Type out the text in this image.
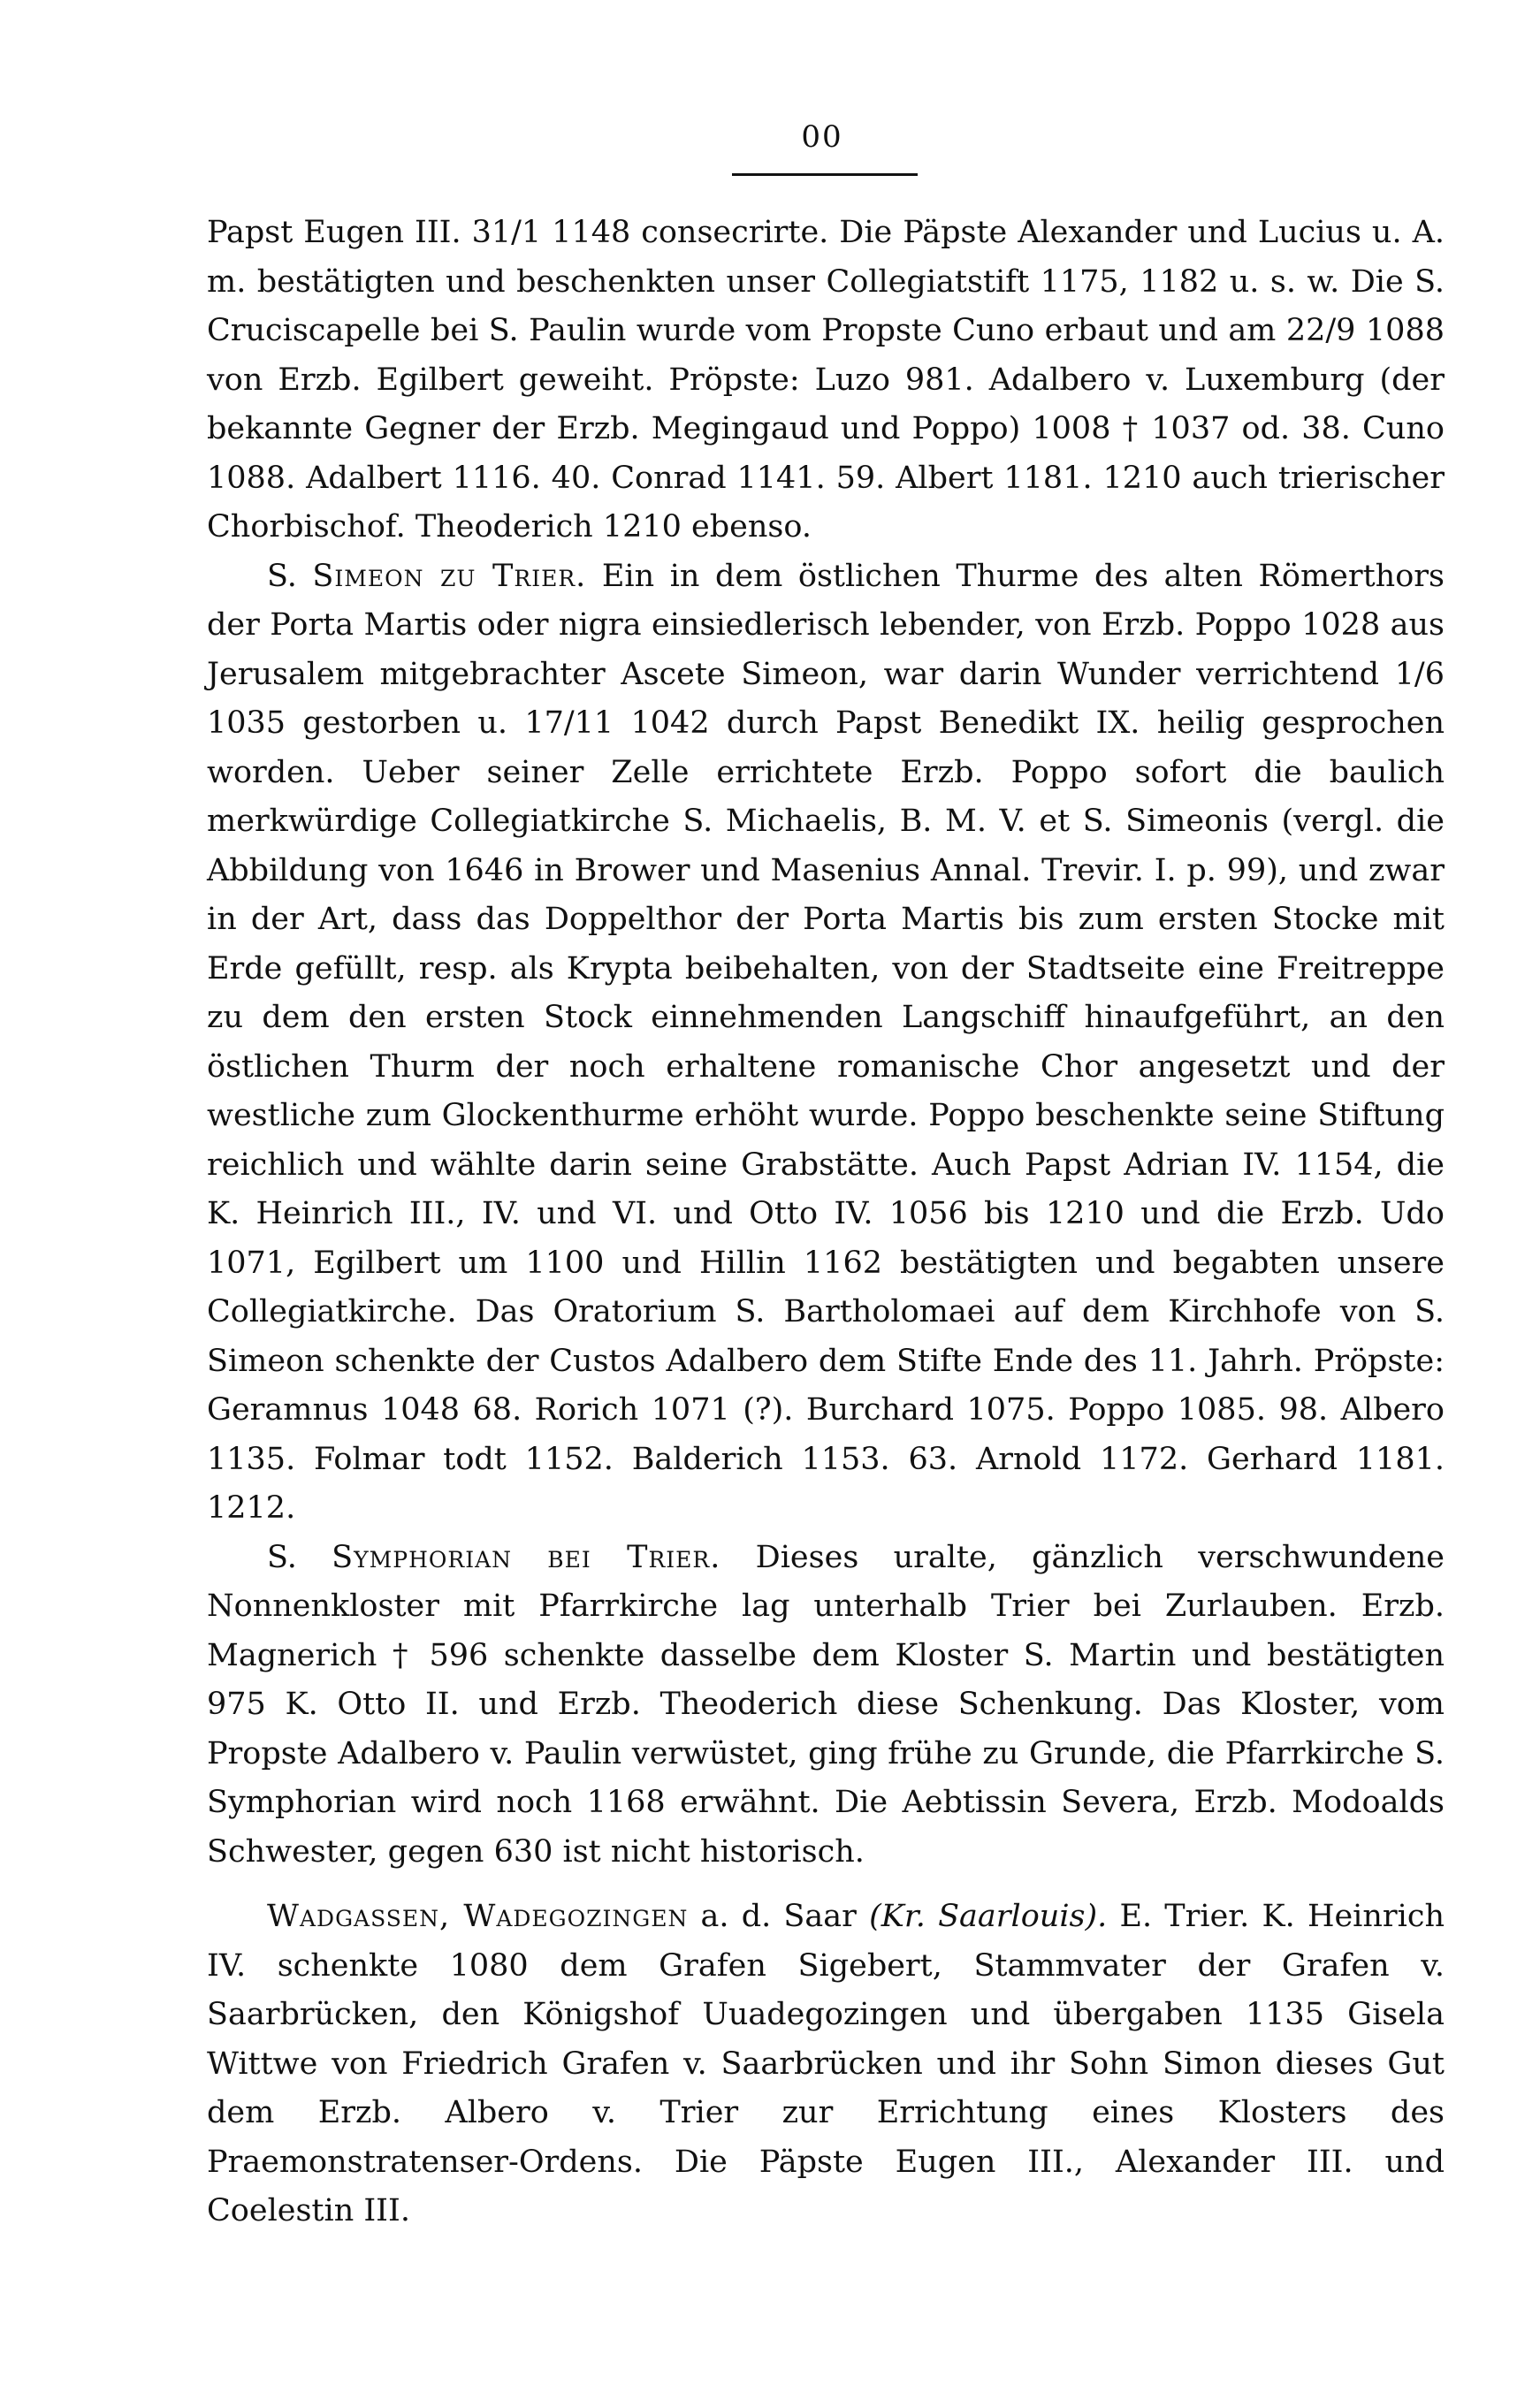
00

Papst Eugen III. 31/1 1148 consecrirte. Die Päpste Alexander und Lucius u. A. m. bestätigten und beschenkten unser Collegiatstift 1175, 1182 u. s. w. Die S. Cruciscapelle bei S. Paulin wurde vom Propste Cuno erbaut und am 22/9 1088 von Erzb. Egilbert geweiht. Pröpste: Luzo 981. Adalbero v. Luxemburg (der bekannte Gegner der Erzb. Megingaud und Poppo) 1008 † 1037 od. 38. Cuno 1088. Adalbert 1116. 40. Conrad 1141. 59. Albert 1181. 1210 auch trierischer Chorbischof. Theoderich 1210 ebenso.

S. Simeon zu Trier. Ein in dem östlichen Thurme des alten Römerthors der Porta Martis oder nigra einsiedlerisch lebender, von Erzb. Poppo 1028 aus Jerusalem mitgebrachter Ascete Simeon, war darin Wunder verrichtend 1/6 1035 gestorben u. 17/11 1042 durch Papst Benedikt IX. heilig gesprochen worden. Ueber seiner Zelle errichtete Erzb. Poppo sofort die baulich merkwürdige Collegiatkirche S. Michaelis, B. M. V. et S. Simeonis (vergl. die Abbildung von 1646 in Brower und Masenius Annal. Trevir. I. p. 99), und zwar in der Art, dass das Doppelthor der Porta Martis bis zum ersten Stocke mit Erde gefüllt, resp. als Krypta beibehalten, von der Stadtseite eine Freitreppe zu dem den ersten Stock einnehmenden Langschiff hinaufgeführt, an den östlichen Thurm der noch erhaltene romanische Chor angesetzt und der westliche zum Glockenthurme erhöht wurde. Poppo beschenkte seine Stiftung reichlich und wählte darin seine Grabstätte. Auch Papst Adrian IV. 1154, die K. Heinrich III., IV. und VI. und Otto IV. 1056 bis 1210 und die Erzb. Udo 1071, Egilbert um 1100 und Hillin 1162 bestätigten und begabten unsere Collegiatkirche. Das Oratorium S. Bartholomaei auf dem Kirchhofe von S. Simeon schenkte der Custos Adalbero dem Stifte Ende des 11. Jahrh. Pröpste: Geramnus 1048 68. Rorich 1071 (?). Burchard 1075. Poppo 1085. 98. Albero 1135. Folmar todt 1152. Balderich 1153. 63. Arnold 1172. Gerhard 1181. 1212.

S. Symphorian bei Trier. Dieses uralte, gänzlich verschwundene Nonnenkloster mit Pfarrkirche lag unterhalb Trier bei Zurlauben. Erzb. Magnerich † 596 schenkte dasselbe dem Kloster S. Martin und bestätigten 975 K. Otto II. und Erzb. Theoderich diese Schenkung. Das Kloster, vom Propste Adalbero v. Paulin verwüstet, ging frühe zu Grunde, die Pfarrkirche S. Symphorian wird noch 1168 erwähnt. Die Aebtissin Severa, Erzb. Modoalds Schwester, gegen 630 ist nicht historisch.

Wadgassen, Wadegozingen a. d. Saar (Kr. Saarlouis). E. Trier. K. Heinrich IV. schenkte 1080 dem Grafen Sigebert, Stammvater der Grafen v. Saarbrücken, den Königshof Uuadegozingen und übergaben 1135 Gisela Wittwe von Friedrich Grafen v. Saarbrücken und ihr Sohn Simon dieses Gut dem Erzb. Albero v. Trier zur Errichtung eines Klosters des Praemonstratenser-Ordens. Die Päpste Eugen III., Alexander III. und Coelestin III.
